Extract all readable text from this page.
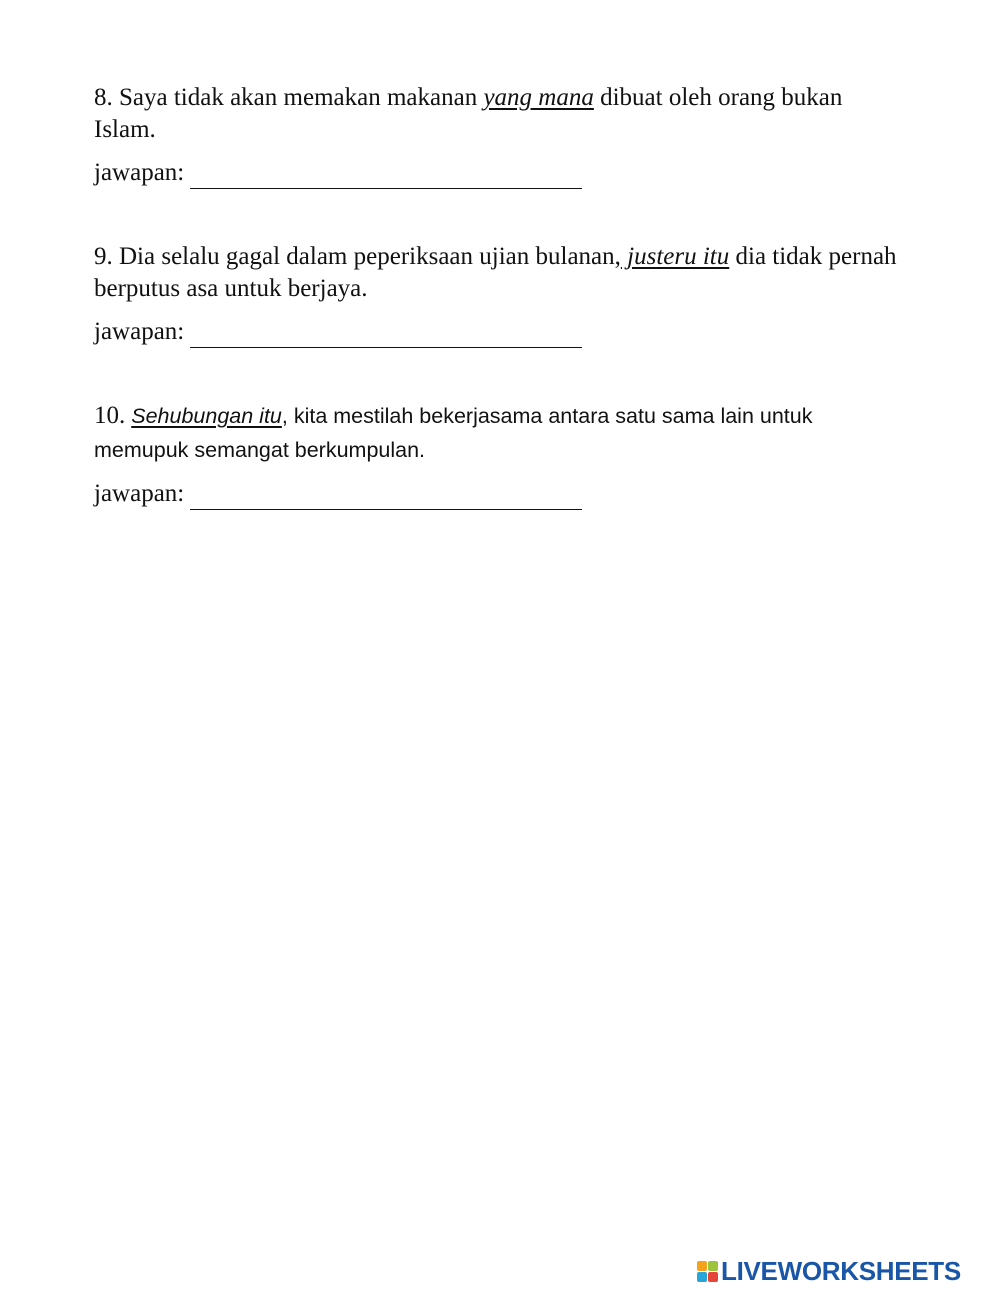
8. Saya tidak akan memakan makanan yang mana dibuat oleh orang bukan Islam.

jawapan:

9. Dia selalu gagal dalam peperiksaan ujian bulanan, justeru itu dia tidak pernah berputus asa untuk berjaya.

jawapan:

10. Sehubungan itu, kita mestilah bekerjasama antara satu sama lain untuk memupuk semangat berkumpulan.

jawapan:
LIVEWORKSHEETS
